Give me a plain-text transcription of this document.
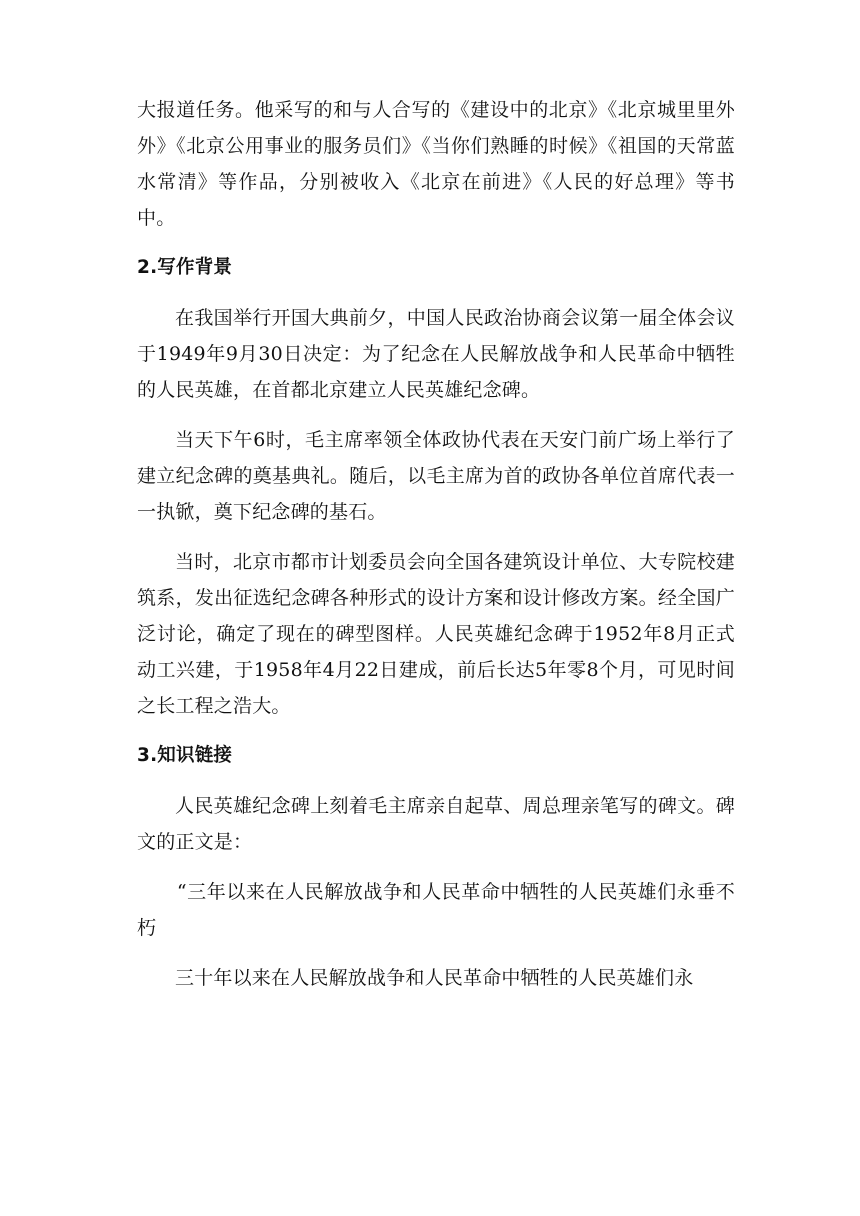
大报道任务。他采写的和与人合写的《建设中的北京》《北京城里里外外》《北京公用事业的服务员们》《当你们熟睡的时候》《祖国的天常蓝水常清》等作品，分别被收入《北京在前进》《人民的好总理》等书中。

2.写作背景

在我国举行开国大典前夕，中国人民政治协商会议第一届全体会议于1949年9月30日决定：为了纪念在人民解放战争和人民革命中牺牲的人民英雄，在首都北京建立人民英雄纪念碑。

当天下午6时，毛主席率领全体政协代表在天安门前广场上举行了建立纪念碑的奠基典礼。随后，以毛主席为首的政协各单位首席代表一一执锨，奠下纪念碑的基石。

当时，北京市都市计划委员会向全国各建筑设计单位、大专院校建筑系，发出征选纪念碑各种形式的设计方案和设计修改方案。经全国广泛讨论，确定了现在的碑型图样。人民英雄纪念碑于1952年8月正式动工兴建，于1958年4月22日建成，前后长达5年零8个月，可见时间之长工程之浩大。

3.知识链接

人民英雄纪念碑上刻着毛主席亲自起草、周总理亲笔写的碑文。碑文的正文是：

“三年以来在人民解放战争和人民革命中牺牲的人民英雄们永垂不朽

三十年以来在人民解放战争和人民革命中牺牲的人民英雄们永
